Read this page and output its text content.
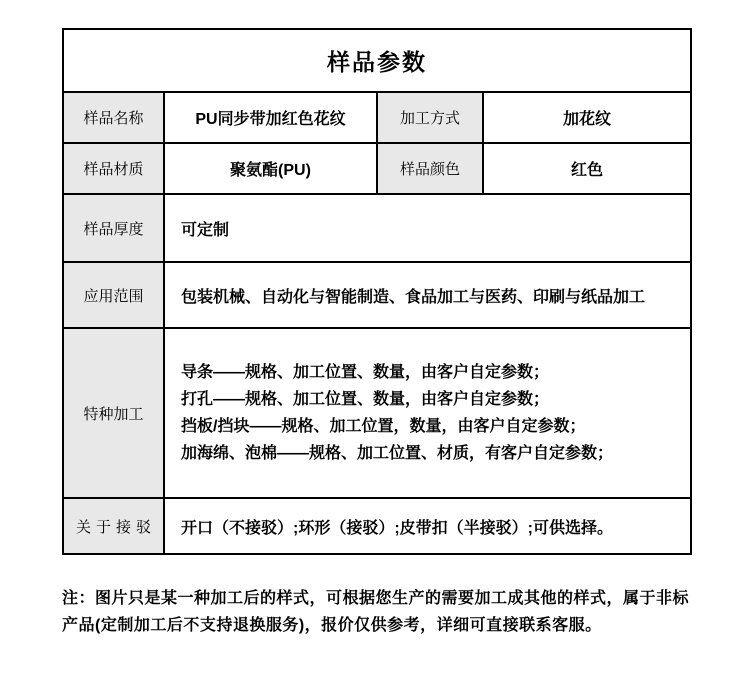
样品参数			
样品名称	PU同步带加红色花纹	加工方式	加花纹
样品材质	聚氨酯(PU)	样品颜色	红色
样品厚度	可定制		
应用范围	包装机械、自动化与智能制造、食品加工与医药、印刷与纸品加工		
特种加工	导条——规格、加工位置、数量，由客户自定参数；
打孔——规格、加工位置、数量，由客户自定参数；
挡板/挡块——规格、加工位置，数量，由客户自定参数；
加海绵、泡棉——规格、加工位置、材质，有客户自定参数；		

关于接驳	开口（不接驳）;环形（接驳）;皮带扣（半接驳）;可供选择。		

注：图片只是某一种加工后的样式，可根据您生产的需要加工成其他的样式，属于非标产品(定制加工后不支持退换服务)，报价仅供参考，详细可直接联系客服。
